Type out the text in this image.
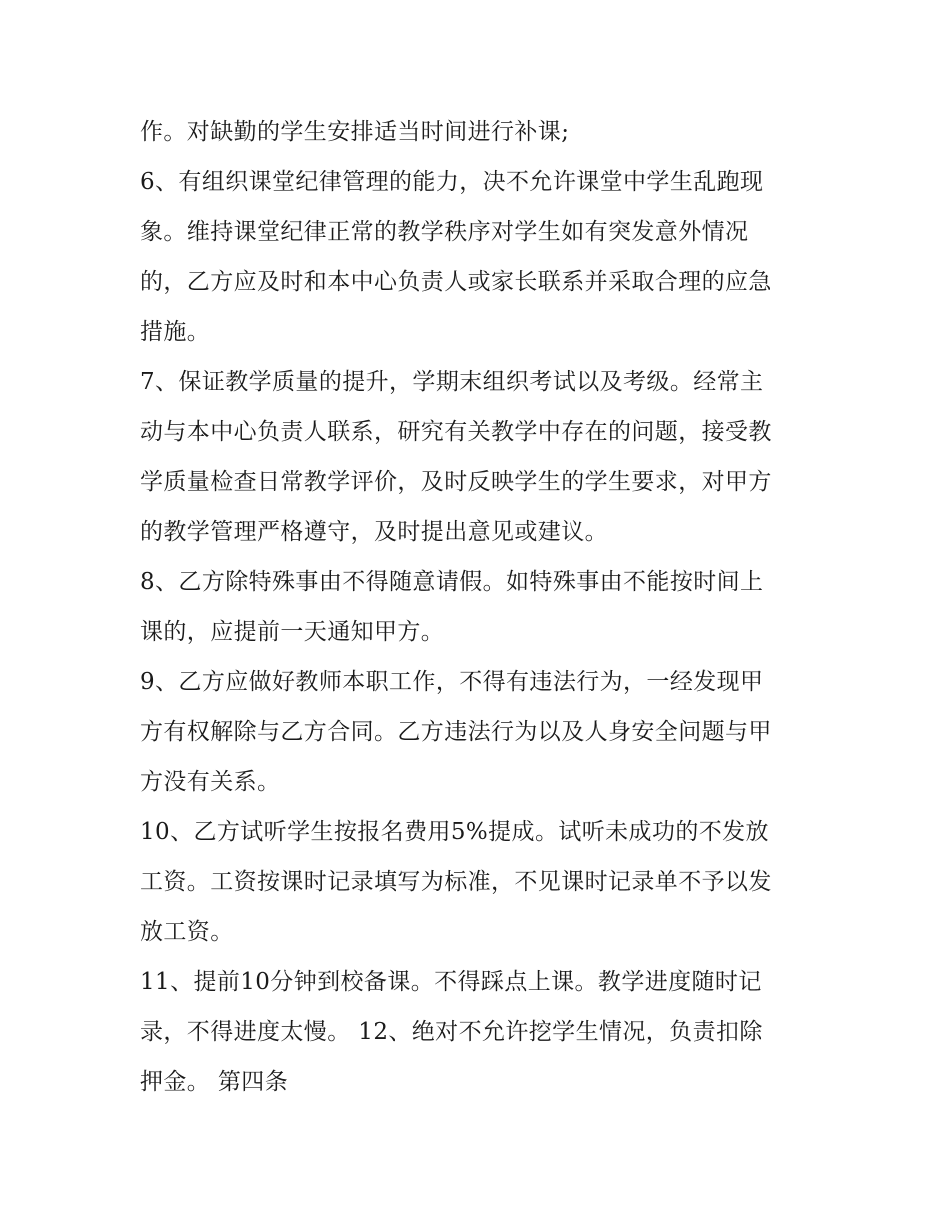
作。对缺勤的学生安排适当时间进行补课;
6、有组织课堂纪律管理的能力，决不允许课堂中学生乱跑现
象。维持课堂纪律正常的教学秩序对学生如有突发意外情况
的，乙方应及时和本中心负责人或家长联系并采取合理的应急
措施。
7、保证教学质量的提升，学期末组织考试以及考级。经常主
动与本中心负责人联系，研究有关教学中存在的问题，接受教
学质量检查日常教学评价，及时反映学生的学生要求，对甲方
的教学管理严格遵守，及时提出意见或建议。
8、乙方除特殊事由不得随意请假。如特殊事由不能按时间上
课的，应提前一天通知甲方。
9、乙方应做好教师本职工作，不得有违法行为，一经发现甲
方有权解除与乙方合同。乙方违法行为以及人身安全问题与甲
方没有关系。
10、乙方试听学生按报名费用5%提成。试听未成功的不发放
工资。工资按课时记录填写为标准，不见课时记录单不予以发
放工资。
11、提前10分钟到校备课。不得踩点上课。教学进度随时记
录，不得进度太慢。 12、绝对不允许挖学生情况，负责扣除
押金。 第四条
